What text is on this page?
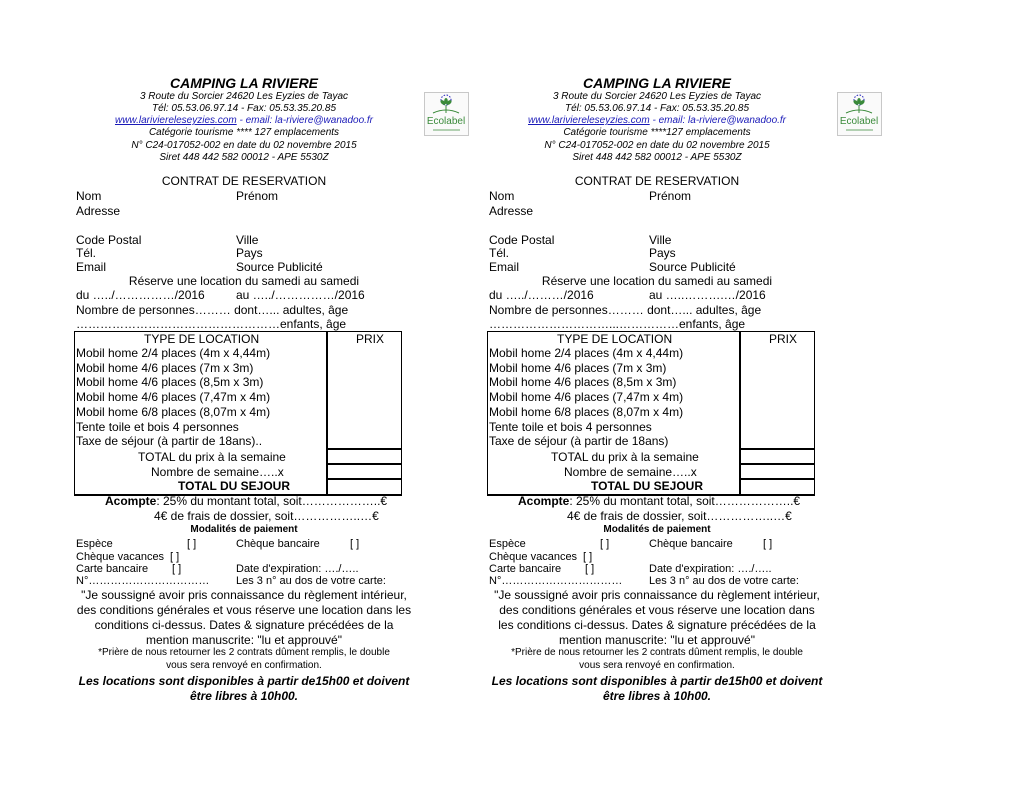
CAMPING LA RIVIERE
3 Route du Sorcier 24620 Les Eyzies de Tayac
Tél: 05.53.06.97.14 - Fax: 05.53.35.20.85
www.lariviereleseyzies.com - email: la-riviere@wanadoo.fr
Catégorie tourisme **** 127 emplacements
N° C24-017052-002 en date du 02 novembre 2015
Siret 448 442 582 00012 - APE 5530Z
Ecolabel
CONTRAT DE RESERVATION
Nom	Prénom
Adresse
Code Postal	Ville
Tél.	Pays
Email	Source Publicité
Réserve une location du samedi au samedi
du …../……………/2016	au …../……………/2016
Nombre de personnes……… dont…... adultes, âge
……………………………………………enfants, âge
TYPE DE LOCATION	PRIX
Mobil home 2/4 places (4m x 4,44m)
Mobil home 4/6 places (7m x 3m)
Mobil home 4/6 places (8,5m x 3m)
Mobil home 4/6 places (7,47m x 4m)
Mobil home 6/8 places (8,07m x 4m)
Tente toile et bois 4 personnes
Taxe de séjour (à partir de 18ans)..
TOTAL du prix à la semaine
Nombre de semaine…..x
TOTAL DU SEJOUR
Acompte: 25% du montant total, soit………………..€
4€ de frais de dossier, soit……………..…€
Modalités de paiement
Espèce	[ ]	Chèque bancaire	[ ]
Chèque vacances [ ]
Carte bancaire [ ]	Date d'expiration: …./…..
N°…………………………… Les 3 n° au dos de votre carte:
"Je soussigné avoir pris connaissance du règlement intérieur,
des conditions générales et vous réserve une location dans les
conditions ci-dessus. Dates & signature précédées de la
mention manuscrite: "lu et approuvé"
*Prière de nous retourner les 2 contrats dûment remplis, le double
vous sera renvoyé en confirmation.
Les locations sont disponibles à partir de15h00 et doivent
être libres à 10h00.
CAMPING LA RIVIERE
3 Route du Sorcier 24620 Les Eyzies de Tayac
Tél: 05.53.06.97.14 - Fax: 05.53.35.20.85
www.lariviereleseyzies.com - email: la-riviere@wanadoo.fr
Catégorie tourisme ****127 emplacements
N° C24-017052-002 en date du 02 novembre 2015
Siret 448 442 582 00012 - APE 5530Z
Ecolabel
CONTRAT DE RESERVATION
Nom	Prénom
Adresse
Code Postal	Ville
Tél.	Pays
Email	Source Publicité
Réserve une location du samedi au samedi
du …../………/2016	au …..……….…/2016
Nombre de personnes……… dont…... adultes, âge
…………………………...……………enfants, âge
TYPE DE LOCATION	PRIX
Mobil home 2/4 places (4m x 4,44m)
Mobil home 4/6 places (7m x 3m)
Mobil home 4/6 places (8,5m x 3m)
Mobil home 4/6 places (7,47m x 4m)
Mobil home 6/8 places (8,07m x 4m)
Tente toile et bois 4 personnes
Taxe de séjour (à partir de 18ans)
TOTAL du prix à la semaine
Nombre de semaine…..x
TOTAL DU SEJOUR
Acompte: 25% du montant total, soit………………..€
4€ de frais de dossier, soit……………..…€
Modalités de paiement
Espèce	[ ]	Chèque bancaire	[ ]
Chèque vacances [ ]
Carte bancaire [ ]	Date d'expiration: …./…..
N°…………………………… Les 3 n° au dos de votre carte:
"Je soussigné avoir pris connaissance du règlement intérieur,
des conditions générales et vous réserve une location dans
les conditions ci-dessus. Dates & signature précédées de la
mention manuscrite: "lu et approuvé"
*Prière de nous retourner les 2 contrats dûment remplis, le double
vous sera renvoyé en confirmation.
Les locations sont disponibles à partir de15h00 et doivent
être libres à 10h00.
